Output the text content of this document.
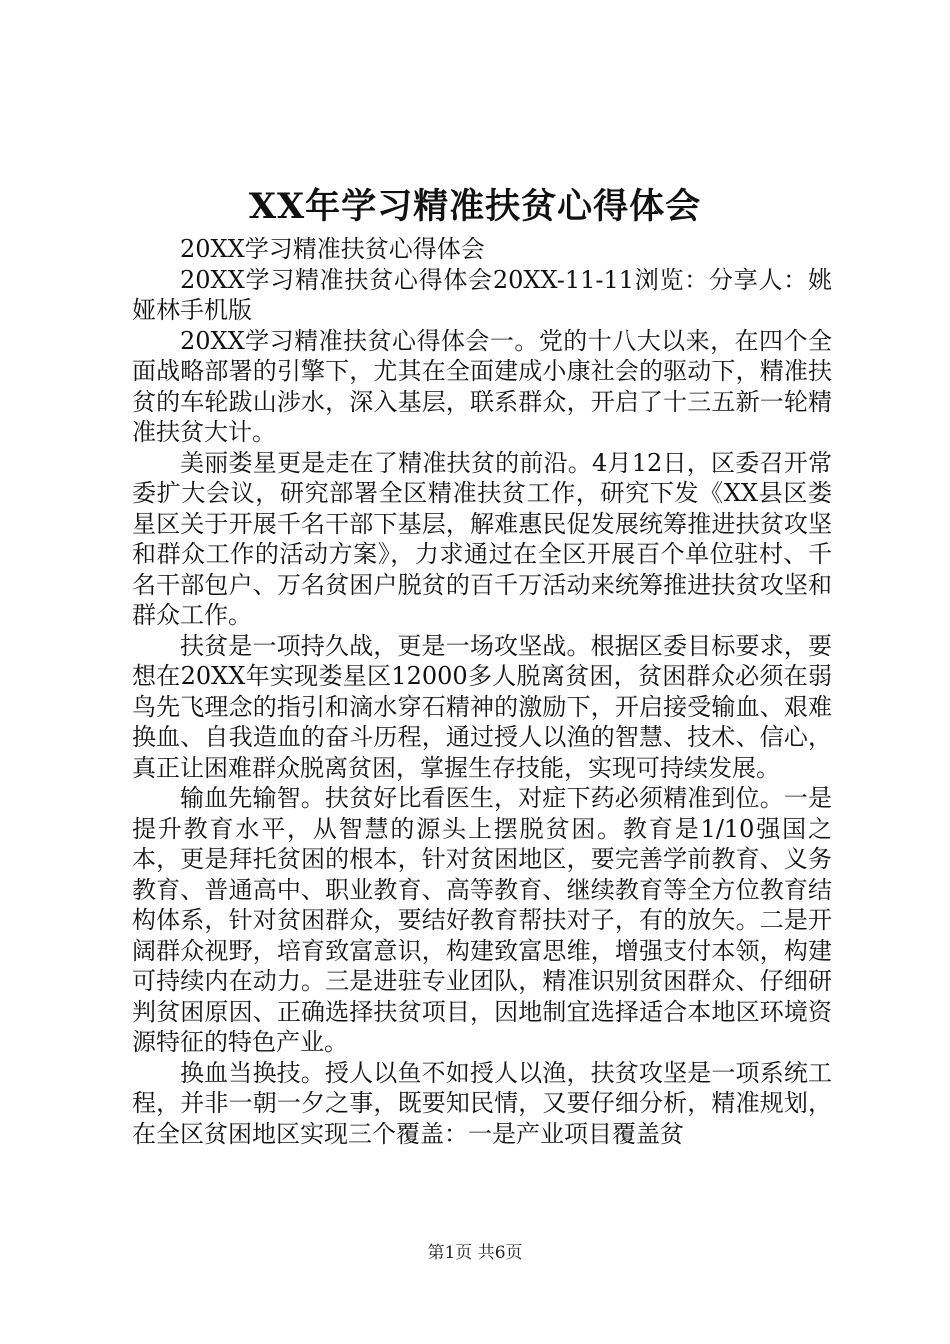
XX年学习精准扶贫心得体会

20XX学习精准扶贫心得体会

20XX学习精准扶贫心得体会20XX-11-11浏览：分享人：姚娅林手机版

20XX学习精准扶贫心得体会一。党的十八大以来，在四个全面战略部署的引擎下，尤其在全面建成小康社会的驱动下，精准扶贫的车轮跋山涉水，深入基层，联系群众，开启了十三五新一轮精准扶贫大计。

美丽娄星更是走在了精准扶贫的前沿。4月12日，区委召开常委扩大会议，研究部署全区精准扶贫工作，研究下发《XX县区娄星区关于开展千名干部下基层，解难惠民促发展统筹推进扶贫攻坚和群众工作的活动方案》，力求通过在全区开展百个单位驻村、千名干部包户、万名贫困户脱贫的百千万活动来统筹推进扶贫攻坚和群众工作。

扶贫是一项持久战，更是一场攻坚战。根据区委目标要求，要想在20XX年实现娄星区12000多人脱离贫困，贫困群众必须在弱鸟先飞理念的指引和滴水穿石精神的激励下，开启接受输血、艰难换血、自我造血的奋斗历程，通过授人以渔的智慧、技术、信心，真正让困难群众脱离贫困，掌握生存技能，实现可持续发展。

输血先输智。扶贫好比看医生，对症下药必须精准到位。一是提升教育水平，从智慧的源头上摆脱贫困。教育是1/10强国之本，更是拜托贫困的根本，针对贫困地区，要完善学前教育、义务教育、普通高中、职业教育、高等教育、继续教育等全方位教育结构体系，针对贫困群众，要结好教育帮扶对子，有的放矢。二是开阔群众视野，培育致富意识，构建致富思维，增强支付本领，构建可持续内在动力。三是进驻专业团队，精准识别贫困群众、仔细研判贫困原因、正确选择扶贫项目，因地制宜选择适合本地区环境资源特征的特色产业。

换血当换技。授人以鱼不如授人以渔，扶贫攻坚是一项系统工程，并非一朝一夕之事，既要知民情，又要仔细分析，精准规划，在全区贫困地区实现三个覆盖：一是产业项目覆盖贫

第1页 共6页
